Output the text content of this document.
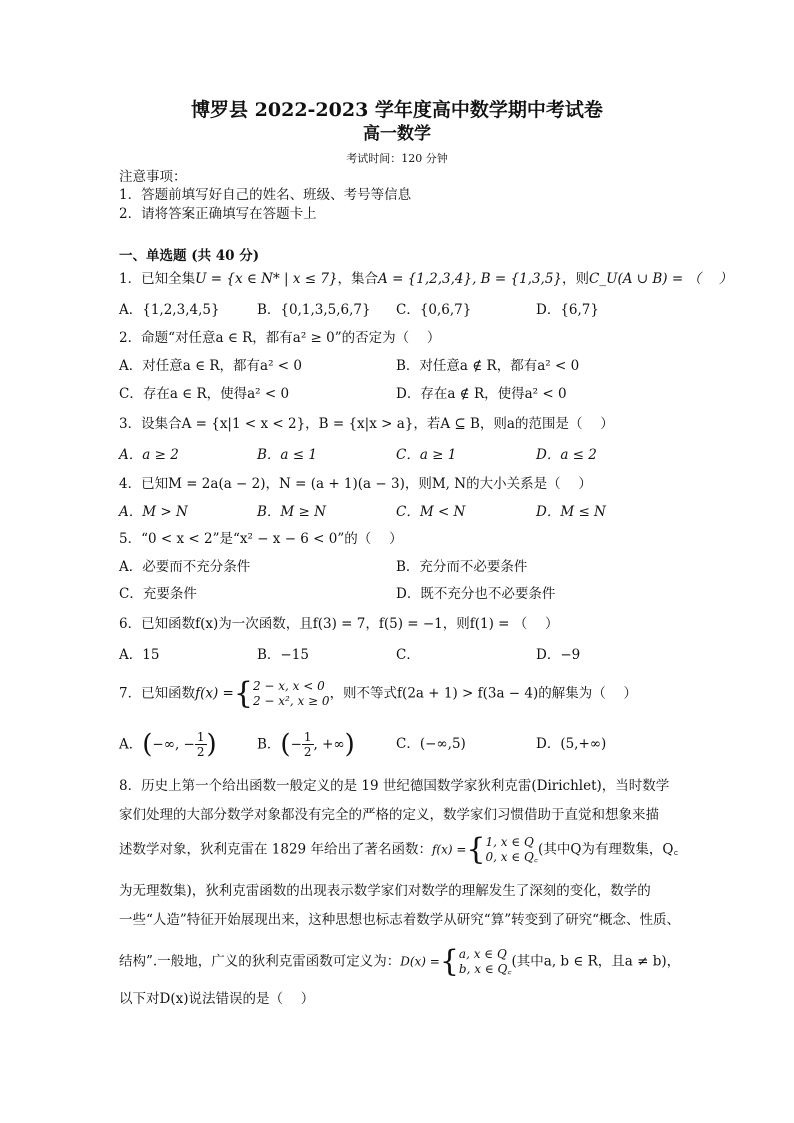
博罗县 2022-2023 学年度高中数学期中考试卷
高一数学
考试时间：120 分钟
注意事项：
1．答题前填写好自己的姓名、班级、考号等信息
2．请将答案正确填写在答题卡上
一、单选题 (共 40 分)
1．已知全集U = {x ∈ N* | x ≤ 7}，集合A = {1,2,3,4}, B = {1,3,5}，则C_U(A ∪ B) = （　 ）
A．{1,2,3,4,5}	B．{0,1,3,5,6,7} C．{0,6,7}	D．{6,7}
2．命题“对任意a ∈ R，都有a² ≥ 0”的否定为（　 ）
A．对任意a ∈ R，都有a² < 0	B．对任意a ∉ R，都有a² < 0
C．存在a ∈ R，使得a² < 0	D．存在a ∉ R，使得a² < 0
3．设集合A = {x|1 < x < 2}，B = {x|x > a}，若A ⊆ B，则a的范围是（　 ）
A．a ≥ 2	B．a ≤ 1	C．a ≥ 1	D．a ≤ 2
4．已知M = 2a(a − 2)，N = (a + 1)(a − 3)，则M, N的大小关系是（　 ）
A．M > N	B．M ≥ N	C．M < N	D．M ≤ N
5．“0 < x < 2”是“x² − x − 6 < 0”的（　 ）
A．必要而不充分条件	B．充分而不必要条件
C．充要条件	D．既不充分也不必要条件
6．已知函数f(x)为一次函数，且f(3) = 7，f(5) = −1，则f(1) = （　 ）
A．15	B．−15	C．	D．−9
7．已知函数f(x) ={ 2 − x, x < 0
2 − x², x ≥ 0 ，则不等式f(2a + 1) > f(3a − 4)的解集为（　 ）
A．(−∞, − $\frac{1}{2}$ )	B．(− $\frac{1}{2}$ , +∞)	C．(−∞,5)	D．(5,+∞)
8．历史上第一个给出函数一般定义的是 19 世纪德国数学家狄利克雷(Dirichlet)，当时数学
家们处理的大部分数学对象都没有完全的严格的定义，数学家们习惯借助于直觉和想象来描
述数学对象，狄利克雷在 1829 年给出了著名函数：f(x) ={ 1, x ∈ Q
0, x ∈ Q꜀ (其中Q为有理数集，Q꜀
为无理数集)，狄利克雷函数的出现表示数学家们对数学的理解发生了深刻的变化，数学的
一些“人造”特征开始展现出来，这种思想也标志着数学从研究“算”转变到了研究“概念、性质、
结构”.一般地，广义的狄利克雷函数可定义为：D(x) ={ a, x ∈ Q
b, x ∈ Q꜀ (其中a, b ∈ R，且a ≠ b)，
以下对D(x)说法错误的是（　 ）
